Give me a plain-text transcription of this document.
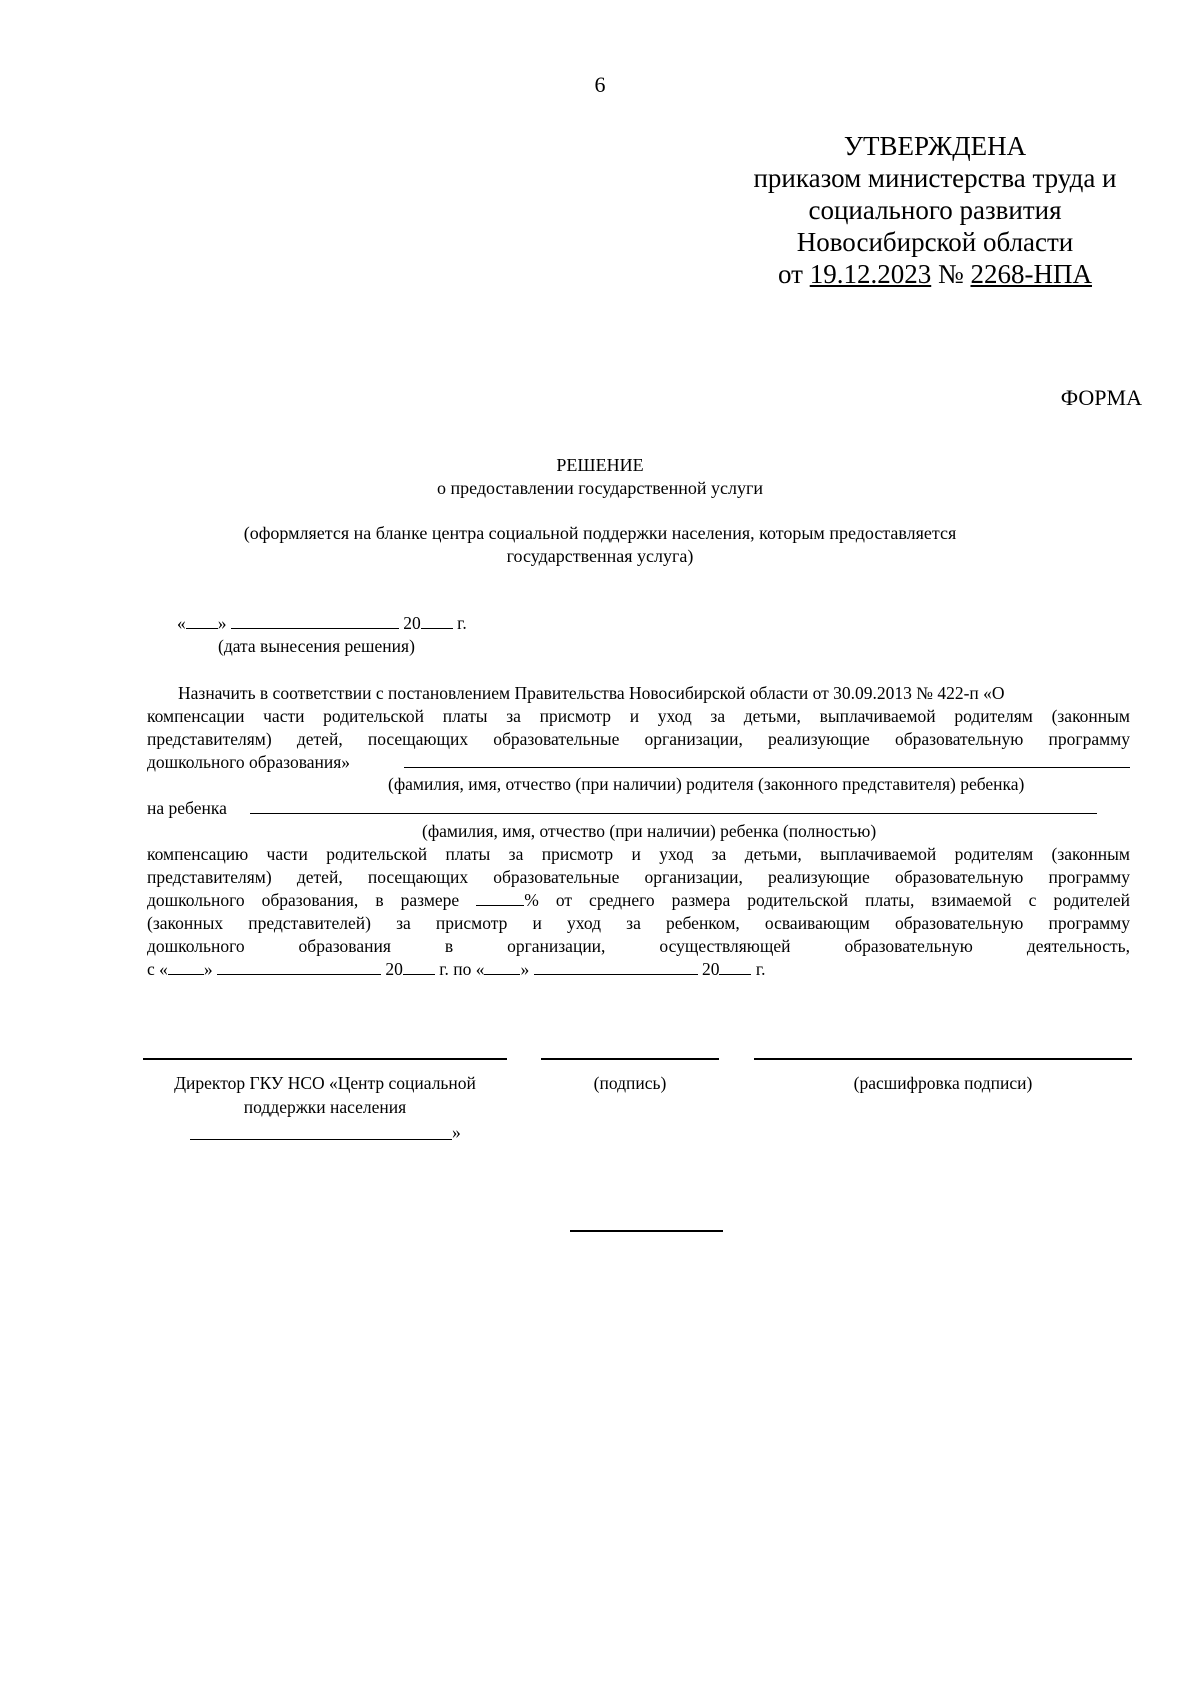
6
УТВЕРЖДЕНА
приказом министерства труда и
социального развития
Новосибирской области
от 19.12.2023 № 2268-НПА
ФОРМА
РЕШЕНИЕ
о предоставлении государственной услуги
(оформляется на бланке центра социальной поддержки населения, которым предоставляется
государственная услуга)
« »	20 г.
(дата вынесения решения)
Назначить в соответствии с постановлением Правительства Новосибирской области от 30.09.2013 № 422-п «О
компенсации части родительской платы за присмотр и уход за детьми, выплачиваемой родителям (законным
представителям) детей, посещающих образовательные организации, реализующие образовательную программу
дошкольного образования»
(фамилия, имя, отчество (при наличии) родителя (законного представителя) ребенка)
на ребенка
(фамилия, имя, отчество (при наличии) ребенка (полностью)
компенсацию части родительской платы за присмотр и уход за детьми, выплачиваемой родителям (законным
представителям) детей, посещающих образовательные организации, реализующие образовательную программу
дошкольного образования, в размере	% от среднего размера родительской платы, взимаемой с родителей
(законных представителей) за присмотр и уход за ребенком, осваивающим образовательную программу
дошкольного образования в организации, осуществляющей образовательную деятельность,
с « »	20 г. по « »	20 г.
Директор ГКУ НСО «Центр социальной
поддержки населения
»
(подпись)	(расшифровка подписи)
